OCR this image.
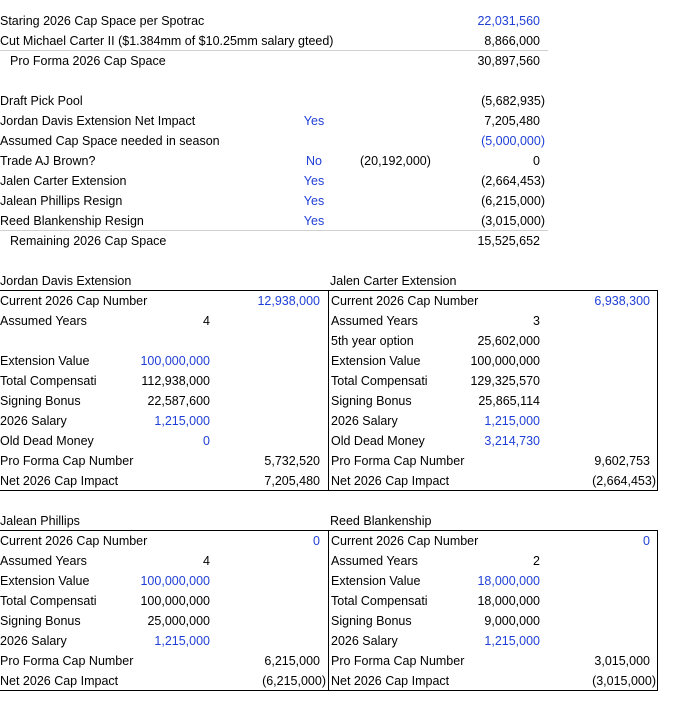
Staring 2026 Cap Space per Spotrac	22,031,560
Cut Michael Carter II ($1.384mm of $10.25mm salary gteed)	8,866,000
Pro Forma 2026 Cap Space	30,897,560
Draft Pick Pool	(5,682,935)
Jordan Davis Extension Net Impact	Yes	7,205,480
Assumed Cap Space needed in season	(5,000,000)
Trade AJ Brown?	No	(20,192,000)	0
Jalen Carter Extension	Yes	(2,664,453)
Jalean Phillips Resign	Yes	(6,215,000)
Reed Blankenship Resign	Yes	(3,015,000)
Remaining 2026 Cap Space	15,525,652
Jordan Davis Extension
Current 2026 Cap Number	12,938,000
Assumed Years	4
Extension Value	100,000,000
Total Compensati	112,938,000
Signing Bonus	22,587,600
2026 Salary	1,215,000
Old Dead Money	0
Pro Forma Cap Number	5,732,520
Net 2026 Cap Impact	7,205,480
Jalen Carter Extension
Current 2026 Cap Number	6,938,300
Assumed Years	3
5th year option	25,602,000
Extension Value	100,000,000
Total Compensati	129,325,570
Signing Bonus	25,865,114
2026 Salary	1,215,000
Old Dead Money	3,214,730
Pro Forma Cap Number	9,602,753
Net 2026 Cap Impact	(2,664,453)
Jalean Phillips
Current 2026 Cap Number	0
Assumed Years	4
Extension Value	100,000,000
Total Compensati	100,000,000
Signing Bonus	25,000,000
2026 Salary	1,215,000
Pro Forma Cap Number	6,215,000
Net 2026 Cap Impact	(6,215,000)
Reed Blankenship
Current 2026 Cap Number	0
Assumed Years	2
Extension Value	18,000,000
Total Compensati	18,000,000
Signing Bonus	9,000,000
2026 Salary	1,215,000
Pro Forma Cap Number	3,015,000
Net 2026 Cap Impact	(3,015,000)
